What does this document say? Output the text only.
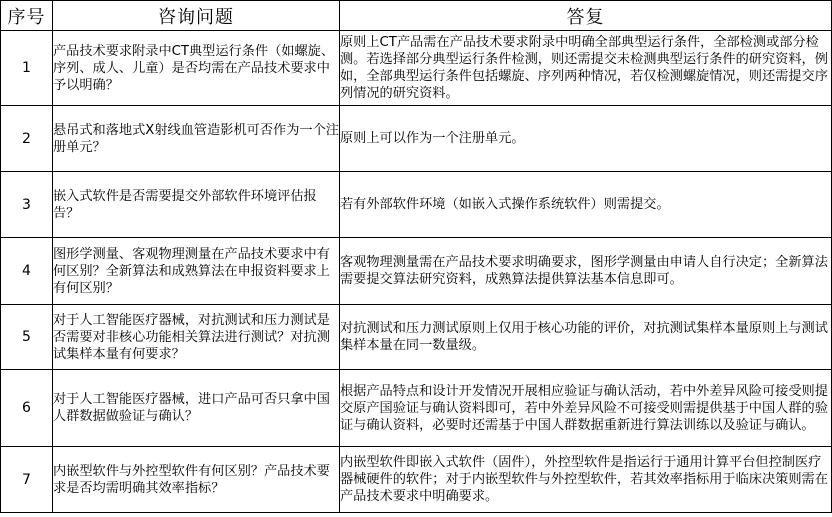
序号	咨询问题	答复
1	产品技术要求附录中CT典型运行条件（如螺旋、序列、成人、儿童）是否均需在产品技术要求中予以明确？	原则上CT产品需在产品技术要求附录中明确全部典型运行条件，全部检测或部分检测。若选择部分典型运行条件检测，则还需提交未检测典型运行条件的研究资料，例如，全部典型运行条件包括螺旋、序列两种情况，若仅检测螺旋情况，则还需提交序列情况的研究资料。
2	悬吊式和落地式X射线血管造影机可否作为一个注册单元？	原则上可以作为一个注册单元。
3	嵌入式软件是否需要提交外部软件环境评估报告？	若有外部软件环境（如嵌入式操作系统软件）则需提交。
4	图形学测量、客观物理测量在产品技术要求中有何区别？全新算法和成熟算法在申报资料要求上有何区别？	客观物理测量需在产品技术要求明确要求，图形学测量由申请人自行决定；全新算法需要提交算法研究资料，成熟算法提供算法基本信息即可。
5	对于人工智能医疗器械，对抗测试和压力测试是否需要对非核心功能相关算法进行测试？对抗测试集样本量有何要求？	对抗测试和压力测试原则上仅用于核心功能的评价，对抗测试集样本量原则上与测试集样本量在同一数量级。
6	对于人工智能医疗器械，进口产品可否只拿中国人群数据做验证与确认？	根据产品特点和设计开发情况开展相应验证与确认活动，若中外差异风险可接受则提交原产国验证与确认资料即可，若中外差异风险不可接受则需提供基于中国人群的验证与确认资料，必要时还需基于中国人群数据重新进行算法训练以及验证与确认。
7	内嵌型软件与外控型软件有何区别？产品技术要求是否均需明确其效率指标？	内嵌型软件即嵌入式软件（固件），外控型软件是指运行于通用计算平台但控制医疗器械硬件的软件；对于内嵌型软件与外控型软件，若其效率指标用于临床决策则需在产品技术要求中明确要求。
